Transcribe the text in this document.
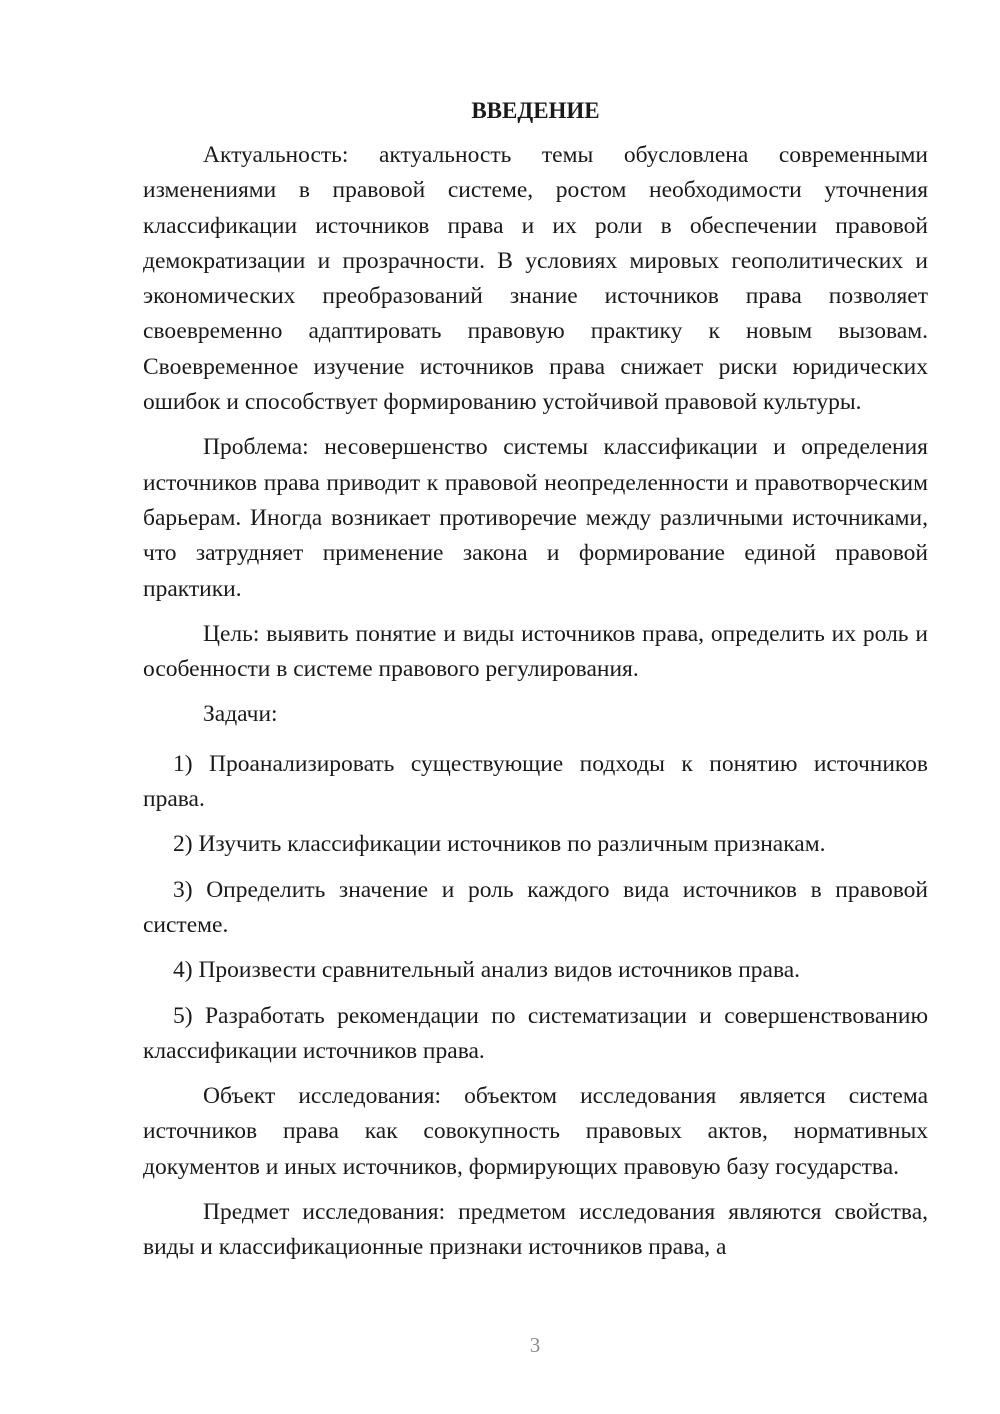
ВВЕДЕНИЕ

Актуальность: актуальность темы обусловлена современными изменениями в правовой системе, ростом необходимости уточнения классификации источников права и их роли в обеспечении правовой демократизации и прозрачности. В условиях мировых геополитических и экономических преобразований знание источников права позволяет своевременно адаптировать правовую практику к новым вызовам. Своевременное изучение источников права снижает риски юридических ошибок и способствует формированию устойчивой правовой культуры.

Проблема: несовершенство системы классификации и определения источников права приводит к правовой неопределенности и правотворческим барьерам. Иногда возникает противоречие между различными источниками, что затрудняет применение закона и формирование единой правовой практики.

Цель: выявить понятие и виды источников права, определить их роль и особенности в системе правового регулирования.

Задачи:

1) Проанализировать существующие подходы к понятию источников права.

2) Изучить классификации источников по различным признакам.

3) Определить значение и роль каждого вида источников в правовой системе.

4) Произвести сравнительный анализ видов источников права.

5) Разработать рекомендации по систематизации и совершенствованию классификации источников права.

Объект исследования: объектом исследования является система источников права как совокупность правовых актов, нормативных документов и иных источников, формирующих правовую базу государства.

Предмет исследования: предметом исследования являются свойства, виды и классификационные признаки источников права, а

3
